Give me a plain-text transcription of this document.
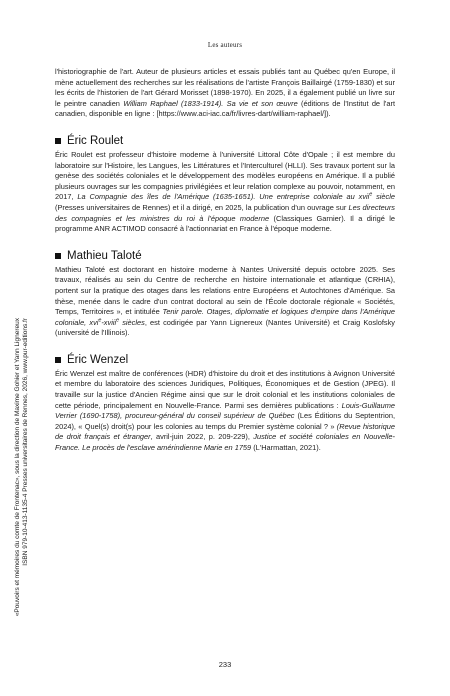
Les auteurs

l'historiographie de l'art. Auteur de plusieurs articles et essais publiés tant au Québec qu'en Europe, il mène actuellement des recherches sur les réalisations de l'artiste François Baillairgé (1759-1830) et sur les écrits de l'historien de l'art Gérard Morisset (1898-1970). En 2025, il a également publié un livre sur le peintre canadien William Raphael (1833-1914). Sa vie et son œuvre (éditions de l'Institut de l'art canadien, disponible en ligne : [https://www.aci-iac.ca/fr/livres-dart/william-raphael/]).

Éric Roulet

Éric Roulet est professeur d'histoire moderne à l'université Littoral Côte d'Opale ; il est membre du laboratoire sur l'Histoire, les Langues, les Littératures et l'Interculturel (HLLI). Ses travaux portent sur la genèse des sociétés coloniales et le développement des modèles européens en Amérique. Il a publié plusieurs ouvrages sur les compagnies privilégiées et leur relation complexe au pouvoir, notamment, en 2017, La Compagnie des îles de l'Amérique (1635-1651). Une entreprise coloniale au xvii$^e$ siècle (Presses universitaires de Rennes) et il a dirigé, en 2025, la publication d'un ouvrage sur Les directeurs des compagnies et les ministres du roi à l'époque moderne (Classiques Garnier). Il a dirigé le programme ANR ACTIMOD consacré à l'actionnariat en France à l'époque moderne.

Mathieu Taloté

Mathieu Taloté est doctorant en histoire moderne à Nantes Université depuis octobre 2025. Ses travaux, réalisés au sein du Centre de recherche en histoire internationale et atlantique (CRHIA), portent sur la pratique des otages dans les relations entre Européens et Autochtones d'Amérique. Sa thèse, menée dans le cadre d'un contrat doctoral au sein de l'École doctorale régionale « Sociétés, Temps, Territoires », et intitulée Tenir parole. Otages, diplomatie et logiques d'empire dans l'Amérique coloniale, xvi$^e$-xviii$^e$ siècles, est codirigée par Yann Lignereux (Nantes Université) et Craig Koslofsky (université de l'Illinois).

Éric Wenzel

Éric Wenzel est maître de conférences (HDR) d'histoire du droit et des institutions à Avignon Université et membre du laboratoire des sciences Juridiques, Politiques, Économiques et de Gestion (JPEG). Il travaille sur la justice d'Ancien Régime ainsi que sur le droit colonial et les institutions coloniales de cette période, principalement en Nouvelle-France. Parmi ses dernières publications : Louis-Guillaume Verrier (1690-1758), procureur-général du conseil supérieur de Québec (Les Éditions du Septentrion, 2024), « Quel(s) droit(s) pour les colonies au temps du Premier système colonial ? » (Revue historique de droit français et étranger, avril-juin 2022, p. 209-229), Justice et société coloniales en Nouvelle-France. Le procès de l'esclave amérindienne Marie en 1759 (L'Harmattan, 2021).

«Pouvoirs et mémoires du comte de Frontenac», sous la direction de Maxime Gohier et Yann Lignereux ISBN 979-10-413-1135-4 Presses universitaires de Rennes, 2026, www.pur-editions.fr
233
